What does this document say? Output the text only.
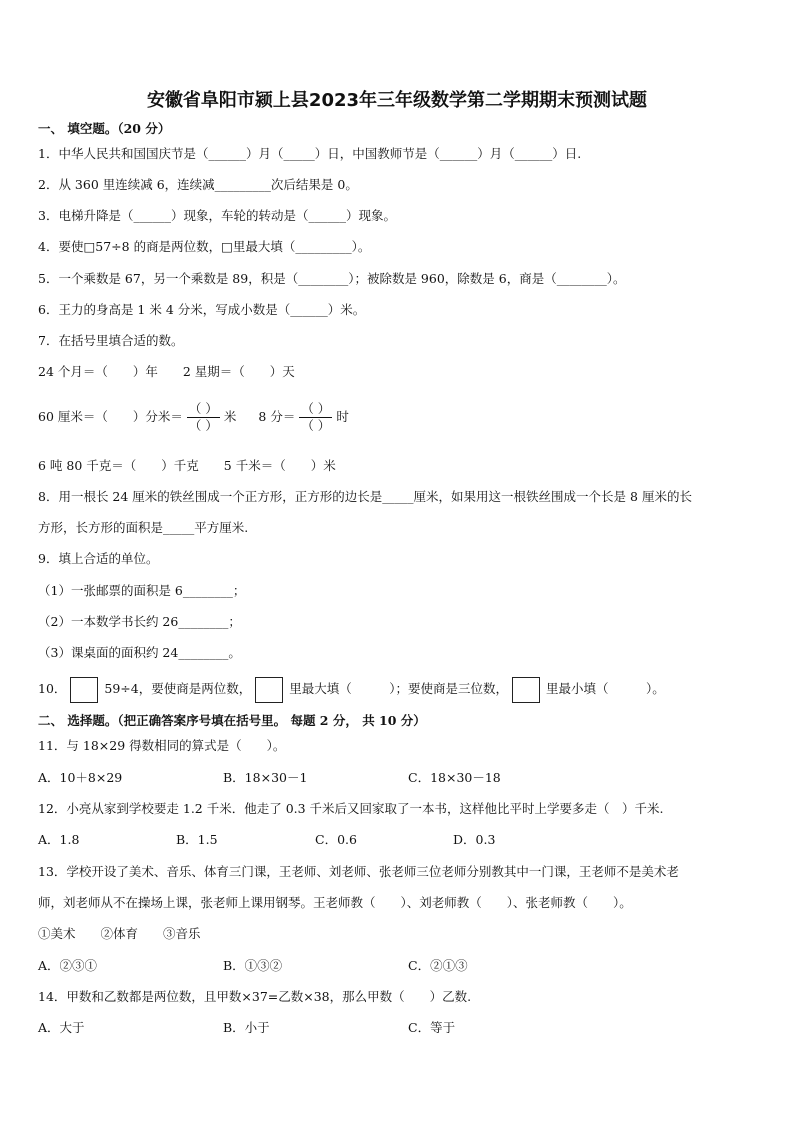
安徽省阜阳市颍上县2023年三年级数学第二学期期末预测试题
一、 填空题。（20 分）
1．中华人民共和国国庆节是（______）月（_____）日，中国教师节是（______）月（______）日.
2．从 360 里连续减 6，连续减_________次后结果是 0。
3．电梯升降是（______）现象，车轮的转动是（______）现象。
4．要使□57÷8 的商是两位数，□里最大填（_________）。
5．一个乘数是 67，另一个乘数是 89，积是（________）；被除数是 960，除数是 6，商是（________）。
6．王力的身高是 1 米 4 分米，写成小数是（______）米。
7．在括号里填合适的数。
24 个月＝（　　）年　　2 星期＝（　　）天
60 厘米＝（　　）分米＝ $\frac{( )}{( )}$ 米 8 分＝ $\frac{( )}{( )}$ 时
6 吨 80 千克＝（　　）千克　　5 千米＝（　　）米
8．用一根长 24 厘米的铁丝围成一个正方形，正方形的边长是_____厘米，如果用这一根铁丝围成一个长是 8 厘米的长
方形，长方形的面积是_____平方厘米.
9．填上合适的单位。
（1）一张邮票的面积是 6________；
（2）一本数学书长约 26________；
（3）课桌面的面积约 24________。
10．	59÷4，要使商是两位数，	里最大填（　　　）；要使商是三位数，	里最小填（　　　）。
二、 选择题。（把正确答案序号填在括号里。 每题 2 分， 共 10 分）
11．与 18×29 得数相同的算式是（　　）。
A．10＋8×29	B．18×30－1	C．18×30－18
12．小亮从家到学校要走 1.2 千米．他走了 0.3 千米后又回家取了一本书，这样他比平时上学要多走（　）千米.
A．1.8	B．1.5	C．0.6	D．0.3
13．学校开设了美术、音乐、体育三门课，王老师、刘老师、张老师三位老师分别教其中一门课，王老师不是美术老
师，刘老师从不在操场上课，张老师上课用钢琴。王老师教（　　）、刘老师教（　　）、张老师教（　　）。
①美术　　②体育　　③音乐
A．②③①	B．①③②	C．②①③
14．甲数和乙数都是两位数，且甲数×37=乙数×38，那么甲数（　　）乙数.
A．大于	B．小于	C．等于
